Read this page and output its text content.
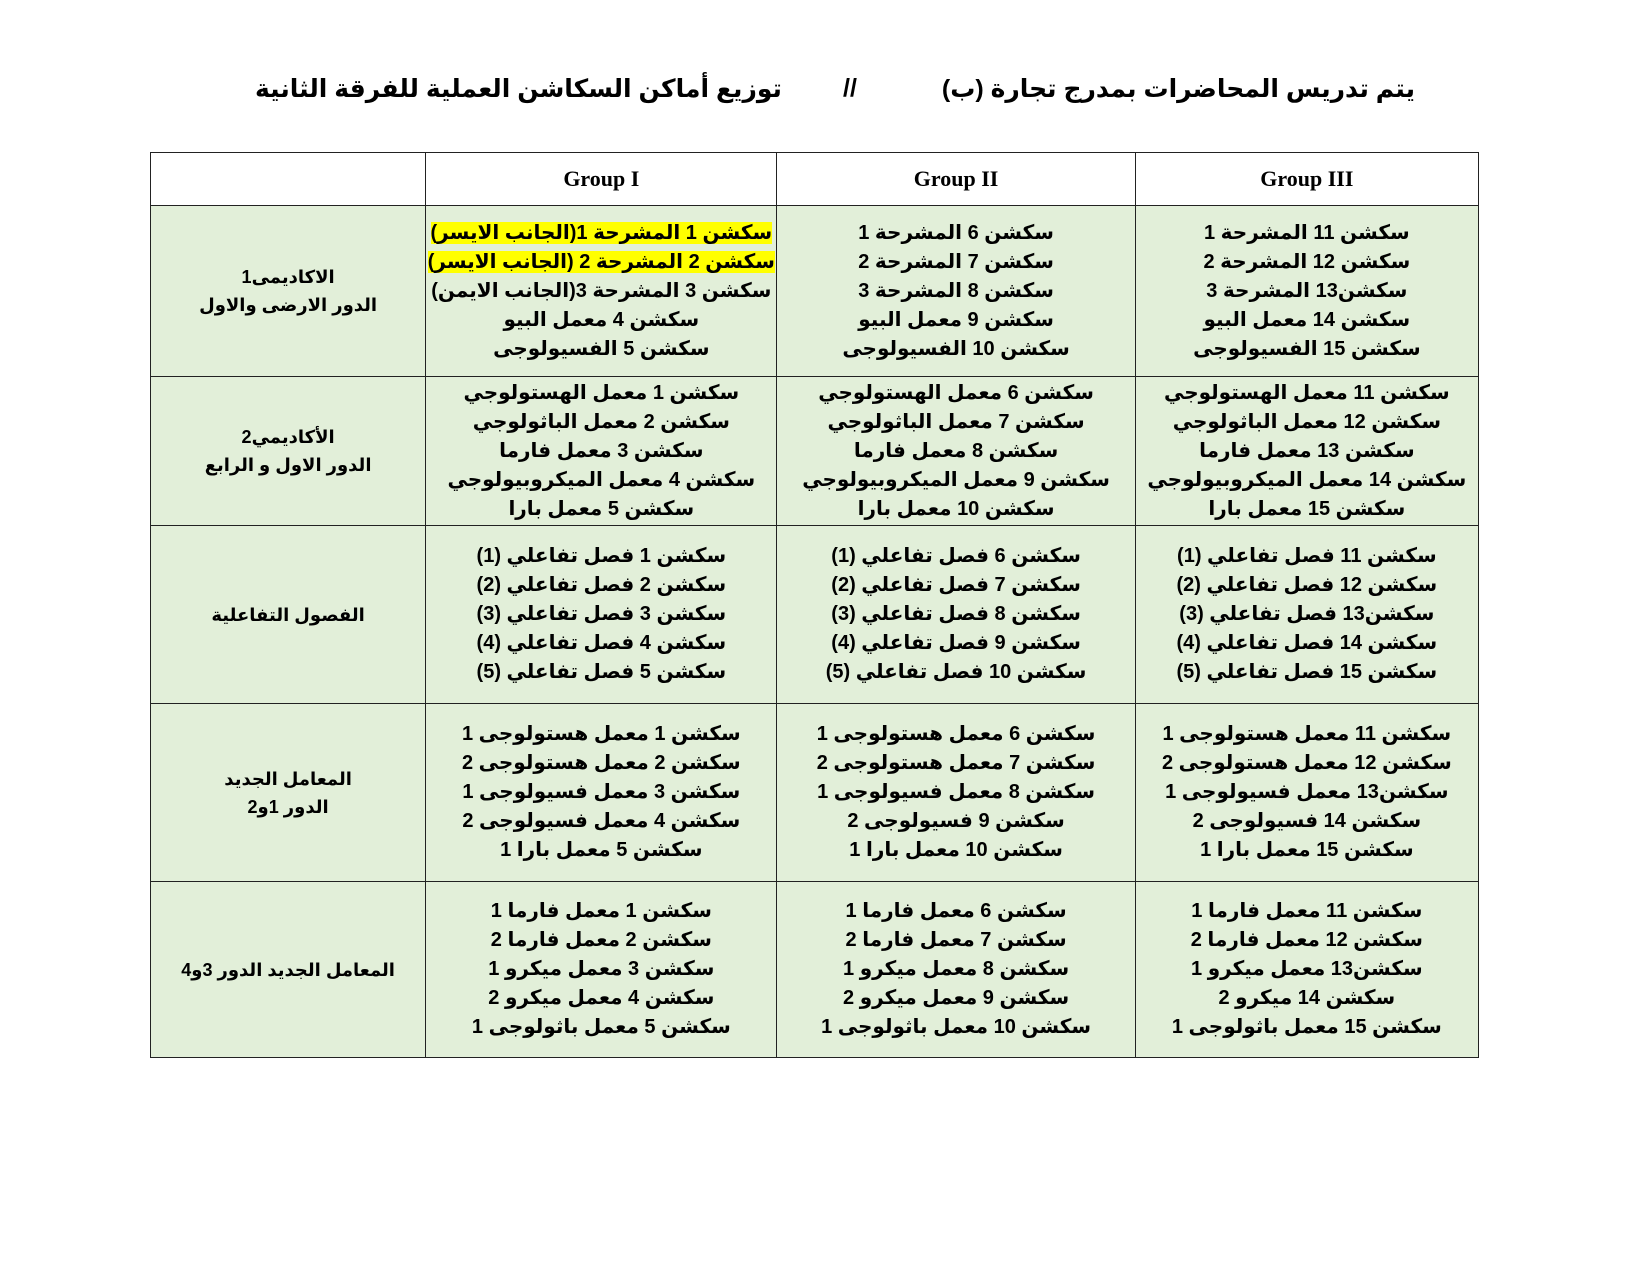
يتم تدريس المحاضرات بمدرج تجارة (ب)
//
توزيع أماكن السكاشن العملية للفرقة الثانية
	Group I	Group II	Group III

الاكاديمى1
الدور الارضى والاول	سكشن 1 المشرحة 1(الجانب الايسر)
سكشن 2 المشرحة 2 (الجانب الايسر)
سكشن 3 المشرحة 3(الجانب الايمن)
سكشن 4 معمل البيو
سكشن 5 الفسيولوجى	سكشن 6 المشرحة 1
سكشن 7 المشرحة 2
سكشن 8 المشرحة 3
سكشن 9 معمل البيو
سكشن 10 الفسيولوجى	سكشن 11 المشرحة 1
سكشن 12 المشرحة 2
سكشن13 المشرحة 3
سكشن 14 معمل البيو
سكشن 15 الفسيولوجى

الأكاديمي2
الدور الاول و الرابع	سكشن 1 معمل الهستولوجي
سكشن 2 معمل الباثولوجي
سكشن 3 معمل فارما
سكشن 4 معمل الميكروبيولوجي
سكشن 5 معمل بارا	سكشن 6 معمل الهستولوجي
سكشن 7 معمل الباثولوجي
سكشن 8 معمل فارما
سكشن 9 معمل الميكروبيولوجي
سكشن 10 معمل بارا	سكشن 11 معمل الهستولوجي
سكشن 12 معمل الباثولوجي
سكشن 13 معمل فارما
سكشن 14 معمل الميكروبيولوجي
سكشن 15 معمل بارا

الفصول التفاعلية	سكشن 1 فصل تفاعلي (1)
سكشن 2 فصل تفاعلي (2)
سكشن 3 فصل تفاعلي (3)
سكشن 4 فصل تفاعلي (4)
سكشن 5 فصل تفاعلي (5)	سكشن 6 فصل تفاعلي (1)
سكشن 7 فصل تفاعلي (2)
سكشن 8 فصل تفاعلي (3)
سكشن 9 فصل تفاعلي (4)
سكشن 10 فصل تفاعلي (5)	سكشن 11 فصل تفاعلي (1)
سكشن 12 فصل تفاعلي (2)
سكشن13 فصل تفاعلي (3)
سكشن 14 فصل تفاعلي (4)
سكشن 15 فصل تفاعلي (5)

المعامل الجديد
الدور 1و2	سكشن 1 معمل هستولوجى 1
سكشن 2 معمل هستولوجى 2
سكشن 3 معمل فسيولوجى 1
سكشن 4 معمل فسيولوجى 2
سكشن 5 معمل بارا 1	سكشن 6 معمل هستولوجى 1
سكشن 7 معمل هستولوجى 2
سكشن 8 معمل فسيولوجى 1
سكشن 9 فسيولوجى 2
سكشن 10 معمل بارا 1	سكشن 11 معمل هستولوجى 1
سكشن 12 معمل هستولوجى 2
سكشن13 معمل فسيولوجى 1
سكشن 14 فسيولوجى 2
سكشن 15 معمل بارا 1

المعامل الجديد الدور 3و4	سكشن 1 معمل فارما 1
سكشن 2 معمل فارما 2
سكشن 3 معمل ميكرو 1
سكشن 4 معمل ميكرو 2
سكشن 5 معمل باثولوجى 1	سكشن 6 معمل فارما 1
سكشن 7 معمل فارما 2
سكشن 8 معمل ميكرو 1
سكشن 9 معمل ميكرو 2
سكشن 10 معمل باثولوجى 1	سكشن 11 معمل فارما 1
سكشن 12 معمل فارما 2
سكشن13 معمل ميكرو 1
سكشن 14 ميكرو 2
سكشن 15 معمل باثولوجى 1
